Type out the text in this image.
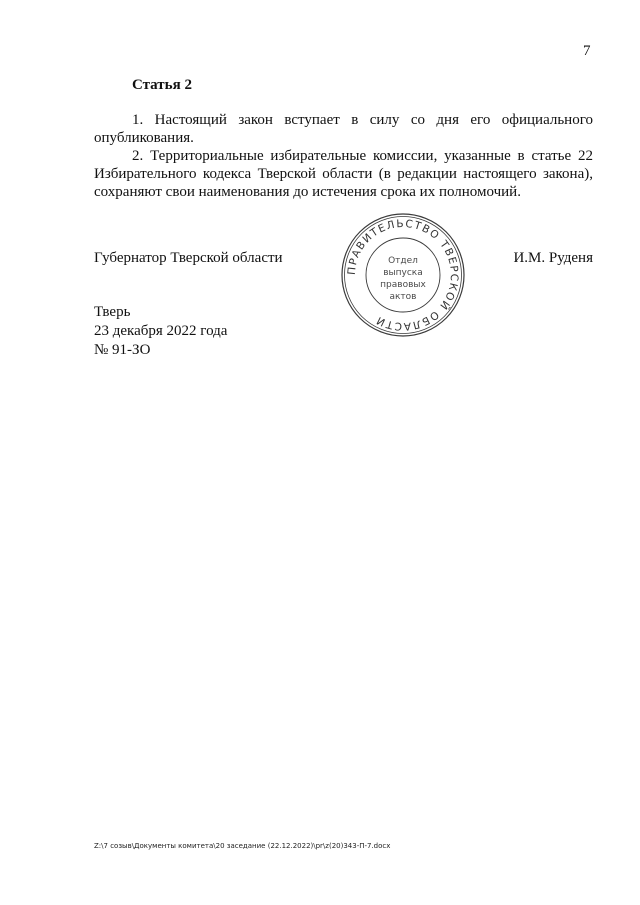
7
Статья 2

1. Настоящий закон вступает в силу со дня его официального опубликования.

2. Территориальные избирательные комиссии, указанные в статье 22 Избирательного кодекса Тверской области (в редакции настоящего закона), сохраняют свои наименования до истечения срока их полномочий.

Губернатор Тверской области	И.М. Руденя
ПРАВИТЕЛЬСТВО ТВЕРСКОЙ ОБЛАСТИ
Отдел
выпуска
правовых
актов
Тверь
23 декабря 2022 года
№ 91-ЗО
Z:\7 созыв\Документы комитета\20 заседание (22.12.2022)\pr\z(20)343-П-7.docx
